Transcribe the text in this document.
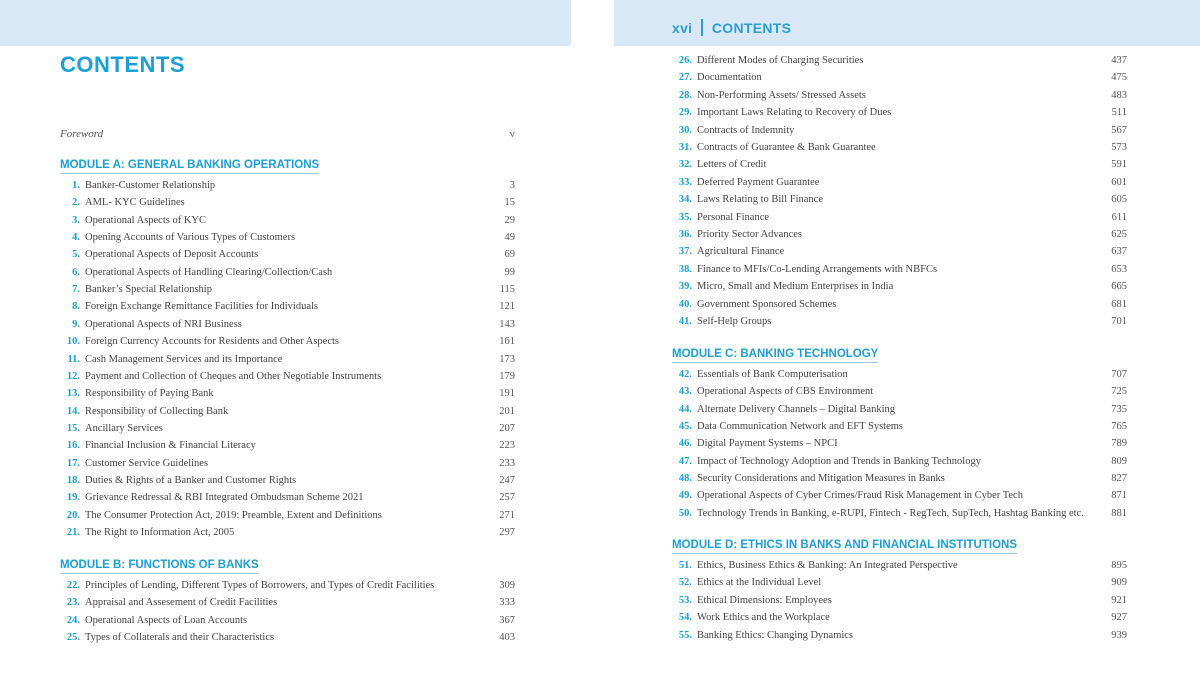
xvi CONTENTS
CONTENTS
Foreword	v
MODULE A: GENERAL BANKING OPERATIONS
1. Banker-Customer Relationship	3
2. AML- KYC Guidelines	15
3. Operational Aspects of KYC	29
4. Opening Accounts of Various Types of Customers	49
5. Operational Aspects of Deposit Accounts	69
6. Operational Aspects of Handling Clearing/Collection/Cash	99
7. Banker’s Special Relationship	115
8. Foreign Exchange Remittance Facilities for Individuals	121
9. Operational Aspects of NRI Business	143
10. Foreign Currency Accounts for Residents and Other Aspects	161
11. Cash Management Services and its Importance	173
12. Payment and Collection of Cheques and Other Negotiable Instruments	179
13. Responsibility of Paying Bank	191
14. Responsibility of Collecting Bank	201
15. Ancillary Services	207
16. Financial Inclusion & Financial Literacy	223
17. Customer Service Guidelines	233
18. Duties & Rights of a Banker and Customer Rights	247
19. Grievance Redressal & RBI Integrated Ombudsman Scheme 2021	257
20. The Consumer Protection Act, 2019: Preamble, Extent and Definitions	271
21. The Right to Information Act, 2005	297
MODULE B: FUNCTIONS OF BANKS
22. Principles of Lending, Different Types of Borrowers, and Types of Credit Facilities	309
23. Appraisal and Assesement of Credit Facilities	333
24. Operational Aspects of Loan Accounts	367
25. Types of Collaterals and their Characteristics	403
26. Different Modes of Charging Securities	437
27. Documentation	475
28. Non-Performing Assets/ Stressed Assets	483
29. Important Laws Relating to Recovery of Dues	511
30. Contracts of Indemnity	567
31. Contracts of Guarantee & Bank Guarantee	573
32. Letters of Credit	591
33. Deferred Payment Guarantee	601
34. Laws Relating to Bill Finance	605
35. Personal Finance	611
36. Priority Sector Advances	625
37. Agricultural Finance	637
38. Finance to MFIs/Co-Lending Arrangements with NBFCs	653
39. Micro, Small and Medium Enterprises in India	665
40. Government Sponsored Schemes	681
41. Self-Help Groups	701
MODULE C: BANKING TECHNOLOGY
42. Essentials of Bank Computerisation	707
43. Operational Aspects of CBS Environment	725
44. Alternate Delivery Channels – Digital Banking	735
45. Data Communication Network and EFT Systems	765
46. Digital Payment Systems – NPCI	789
47. Impact of Technology Adoption and Trends in Banking Technology	809
48. Security Considerations and Mitigation Measures in Banks	827
49. Operational Aspects of Cyber Crimes/Fraud Risk Management in Cyber Tech	871
50. Technology Trends in Banking, e-RUPI, Fintech - RegTech, SupTech, Hashtag Banking etc.	881
MODULE D: ETHICS IN BANKS AND FINANCIAL INSTITUTIONS
51. Ethics, Business Ethics & Banking: An Integrated Perspective	895
52. Ethics at the Individual Level	909
53. Ethical Dimensions: Employees	921
54. Work Ethics and the Workplace	927
55. Banking Ethics: Changing Dynamics	939
